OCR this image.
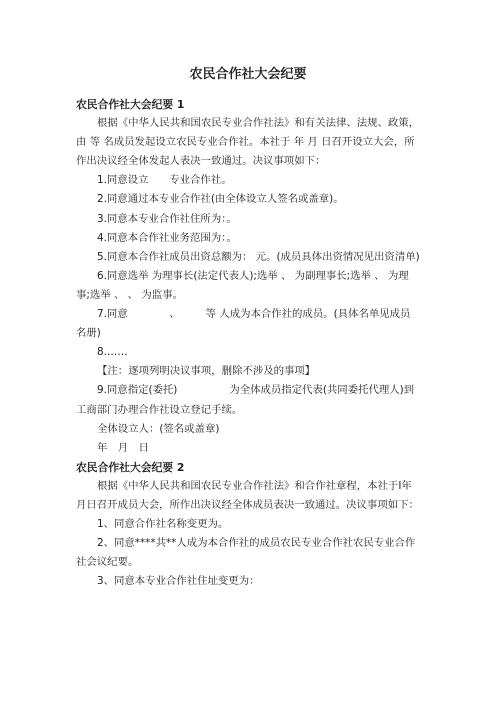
农民合作社大会纪要

农民合作社大会纪要 1

根据《中华人民共和国农民专业合作社法》和有关法律、法规、政策，由 等 名成员发起设立农民专业合作社。本社于 年 月 日召开设立大会，所作出决议经全体发起人表决一致通过。决议事项如下：

1.同意设立　　专业合作社。

2.同意通过本专业合作社(由全体设立人签名或盖章)。

3.同意本专业合作社住所为：。

4.同意本合作社业务范围为：。

5.同意本合作社成员出资总额为： 元。(成员具体出资情况见出资清单)

6.同意选举 为理事长(法定代表人);选举 、 为副理事长;选举 、 为理事;选举 、 、 为监事。

7.同意　　　　、　　　等 人成为本合作社的成员。(具体名单见成员名册)

8.……

【注：逐项列明决议事项，删除不涉及的事项】

9.同意指定(委托)　　　　　为全体成员指定代表(共同委托代理人)到工商部门办理合作社设立登记手续。

全体设立人：(签名或盖章)

年　月　日

农民合作社大会纪要 2

根据《中华人民共和国农民专业合作社法》和合作社章程，本社于I年月日召开成员大会，所作出决议经全体成员表决一致通过。决议事项如下：

1、同意合作社名称变更为。

2、同意****共**人成为本合作社的成员农民专业合作社农民专业合作社会议纪要。

3、同意本专业合作社住址变更为：
